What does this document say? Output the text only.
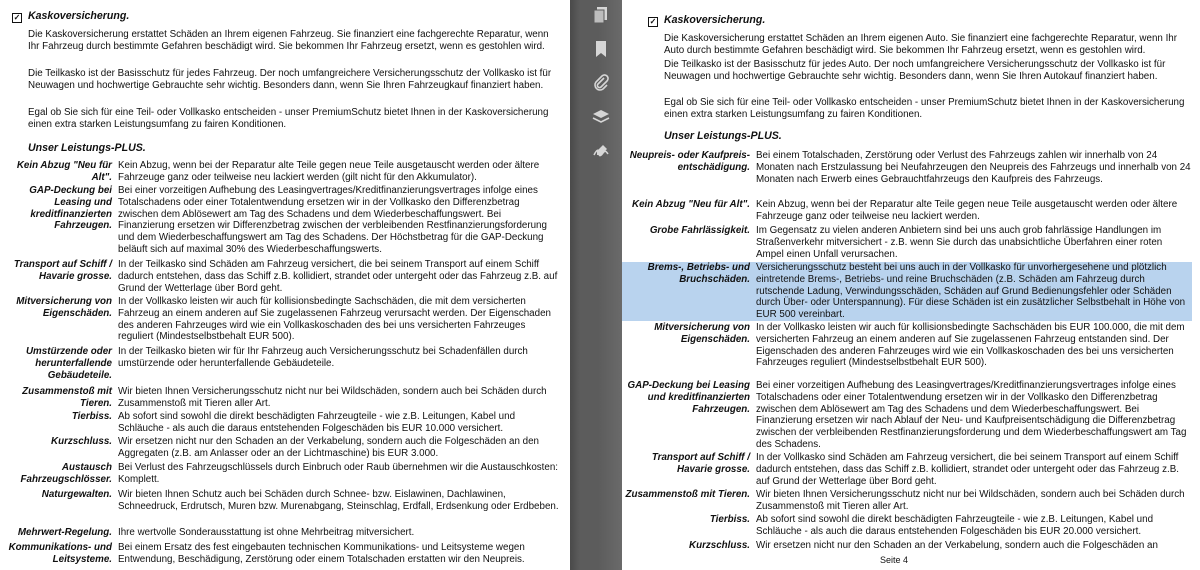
✓ Kaskoversicherung.
Die Kaskoversicherung erstattet Schäden an Ihrem eigenen Fahrzeug. Sie finanziert eine fachgerechte Reparatur, wenn Ihr Fahrzeug durch bestimmte Gefahren beschädigt wird. Sie bekommen Ihr Fahrzeug ersetzt, wenn es gestohlen wird.
Die Teilkasko ist der Basisschutz für jedes Fahrzeug. Der noch umfangreichere Versicherungsschutz der Vollkasko ist für Neuwagen und hochwertige Gebrauchte sehr wichtig. Besonders dann, wenn Sie Ihren Fahrzeugkauf finanziert haben.
Egal ob Sie sich für eine Teil- oder Vollkasko entscheiden - unser PremiumSchutz bietet Ihnen in der Kaskoversicherung einen extra starken Leistungsumfang zu fairen Konditionen.
Unser Leistungs-PLUS.
Kein Abzug "Neu für Alt".
Kein Abzug, wenn bei der Reparatur alte Teile gegen neue Teile ausgetauscht werden oder ältere Fahrzeuge ganz oder teilweise neu lackiert werden (gilt nicht für den Akkumulator).
GAP-Deckung bei Leasing und kreditfinanzierten Fahrzeugen.
Bei einer vorzeitigen Aufhebung des Leasingvertrages/Kreditfinanzierungsvertrages infolge eines Totalschadens oder einer Totalentwendung ersetzen wir in der Vollkasko den Differenzbetrag zwischen dem Ablösewert am Tag des Schadens und dem Wiederbeschaffungswert. Bei Finanzierung ersetzen wir Differenzbetrag zwischen der verbleibenden Restfinanzierungsforderung und dem Wiederbeschaffungswert am Tag des Schadens. Der Höchstbetrag für die GAP-Deckung beläuft sich auf maximal 30% des Wiederbeschaffungswerts.
Transport auf Schiff / Havarie grosse.
In der Teilkasko sind Schäden am Fahrzeug versichert, die bei seinem Transport auf einem Schiff dadurch entstehen, dass das Schiff z.B. kollidiert, strandet oder untergeht oder das Fahrzeug z.B. auf Grund der Wetterlage über Bord geht.
Mitversicherung von Eigenschäden.
In der Vollkasko leisten wir auch für kollisionsbedingte Sachschäden, die mit dem versicherten Fahrzeug an einem anderen auf Sie zugelassenen Fahrzeug verursacht werden. Der Eigenschaden des anderen Fahrzeuges wird wie ein Vollkaskoschaden des bei uns versicherten Fahrzeuges reguliert (Mindestselbstbehalt EUR 500).
Umstürzende oder herunterfallende Gebäudeteile.
In der Teilkasko bieten wir für Ihr Fahrzeug auch Versicherungsschutz bei Schadenfällen durch umstürzende oder herunterfallende Gebäudeteile.
Zusammenstoß mit Tieren.
Wir bieten Ihnen Versicherungsschutz nicht nur bei Wildschäden, sondern auch bei Schäden durch Zusammenstoß mit Tieren aller Art.
Tierbiss. Ab sofort sind sowohl die direkt beschädigten Fahrzeugteile - wie z.B. Leitungen, Kabel und Schläuche - als auch die daraus entstehenden Folgeschäden bis EUR 10.000 versichert.
Kurzschluss. Wir ersetzen nicht nur den Schaden an der Verkabelung, sondern auch die Folgeschäden an den Aggregaten (z.B. am Anlasser oder an der Lichtmaschine) bis EUR 3.000.
Austausch Fahrzeugschlösser.
Bei Verlust des Fahrzeugschlüssels durch Einbruch oder Raub übernehmen wir die Austauschkosten: Komplett.
Naturgewalten. Wir bieten Ihnen Schutz auch bei Schäden durch Schnee- bzw. Eislawinen, Dachlawinen, Schneedruck, Erdrutsch, Muren bzw. Murenabgang, Steinschlag, Erdfall, Erdsenkung oder Erdbeben.
Mehrwert-Regelung. Ihre wertvolle Sonderausstattung ist ohne Mehrbeitrag mitversichert.
Kommunikations- und Leitsysteme.
Bei einem Ersatz des fest eingebauten technischen Kommunikations- und Leitsysteme wegen Entwendung, Beschädigung, Zerstörung oder einem Totalschaden erstatten wir den Neupreis.
✓ Kaskoversicherung.
Die Kaskoversicherung erstattet Schäden an Ihrem eigenen Auto. Sie finanziert eine fachgerechte Reparatur, wenn Ihr Auto durch bestimmte Gefahren beschädigt wird. Sie bekommen Ihr Fahrzeug ersetzt, wenn es gestohlen wird.
Die Teilkasko ist der Basisschutz für jedes Auto. Der noch umfangreichere Versicherungsschutz der Vollkasko ist für Neuwagen und hochwertige Gebrauchte sehr wichtig. Besonders dann, wenn Sie Ihren Autokauf finanziert haben.
Egal ob Sie sich für eine Teil- oder Vollkasko entscheiden - unser PremiumSchutz bietet Ihnen in der Kaskoversicherung einen extra starken Leistungsumfang zu fairen Konditionen.
Unser Leistungs-PLUS.
Neupreis- oder Kaufpreis-entschädigung.
Bei einem Totalschaden, Zerstörung oder Verlust des Fahrzeugs zahlen wir innerhalb von 24 Monaten nach Erstzulassung bei Neufahrzeugen den Neupreis des Fahrzeugs und innerhalb von 24 Monaten nach Erwerb eines Gebrauchtfahrzeugs den Kaufpreis des Fahrzeugs.
Kein Abzug "Neu für Alt". Kein Abzug, wenn bei der Reparatur alte Teile gegen neue Teile ausgetauscht werden oder ältere Fahrzeuge ganz oder teilweise neu lackiert werden.
Grobe Fahrlässigkeit. Im Gegensatz zu vielen anderen Anbietern sind bei uns auch grob fahrlässige Handlungen im Straßenverkehr mitversichert - z.B. wenn Sie durch das unabsichtliche Überfahren einer roten Ampel einen Unfall verursachen.
Brems-, Betriebs- und Bruchschäden.
Versicherungsschutz besteht bei uns auch in der Vollkasko für unvorhergesehene und plötzlich eintretende Brems-, Betriebs- und reine Bruchschäden (z.B. Schäden am Fahrzeug durch rutschende Ladung, Verwindungsschäden, Schäden auf Grund Bedienungsfehler oder Schäden durch Über- oder Unterspannung). Für diese Schäden ist ein zusätzlicher Selbstbehalt in Höhe von EUR 500 vereinbart.
Mitversicherung von Eigenschäden.
In der Vollkasko leisten wir auch für kollisionsbedingte Sachschäden bis EUR 100.000, die mit dem versicherten Fahrzeug an einem anderen auf Sie zugelassenen Fahrzeug entstanden sind. Der Eigenschaden des anderen Fahrzeuges wird wie ein Vollkaskoschaden des bei uns versicherten Fahrzeuges reguliert (Mindestselbstbehalt EUR 500).
GAP-Deckung bei Leasing und kreditfinanzierten Fahrzeugen.
Bei einer vorzeitigen Aufhebung des Leasingvertrages/Kreditfinanzierungsvertrages infolge eines Totalschadens oder einer Totalentwendung ersetzen wir in der Vollkasko den Differenzbetrag zwischen dem Ablösewert am Tag des Schadens und dem Wiederbeschaffungswert. Bei Finanzierung ersetzen wir nach Ablauf der Neu- und Kaufpreisentschädigung die Differenzbetrag zwischen der verbleibenden Restfinanzierungsforderung und dem Wiederbeschaffungswert am Tag des Schadens.
Transport auf Schiff / Havarie grosse.
In der Vollkasko sind Schäden am Fahrzeug versichert, die bei seinem Transport auf einem Schiff dadurch entstehen, dass das Schiff z.B. kollidiert, strandet oder untergeht oder das Fahrzeug z.B. auf Grund der Wetterlage über Bord geht.
Zusammenstoß mit Tieren. Wir bieten Ihnen Versicherungsschutz nicht nur bei Wildschäden, sondern auch bei Schäden durch Zusammenstoß mit Tieren aller Art.
Tierbiss. Ab sofort sind sowohl die direkt beschädigten Fahrzeugteile - wie z.B. Leitungen, Kabel und Schläuche - als auch die daraus entstehenden Folgeschäden bis EUR 20.000 versichert.
Kurzschluss. Wir ersetzen nicht nur den Schaden an der Verkabelung, sondern auch die Folgeschäden an
Seite 4
